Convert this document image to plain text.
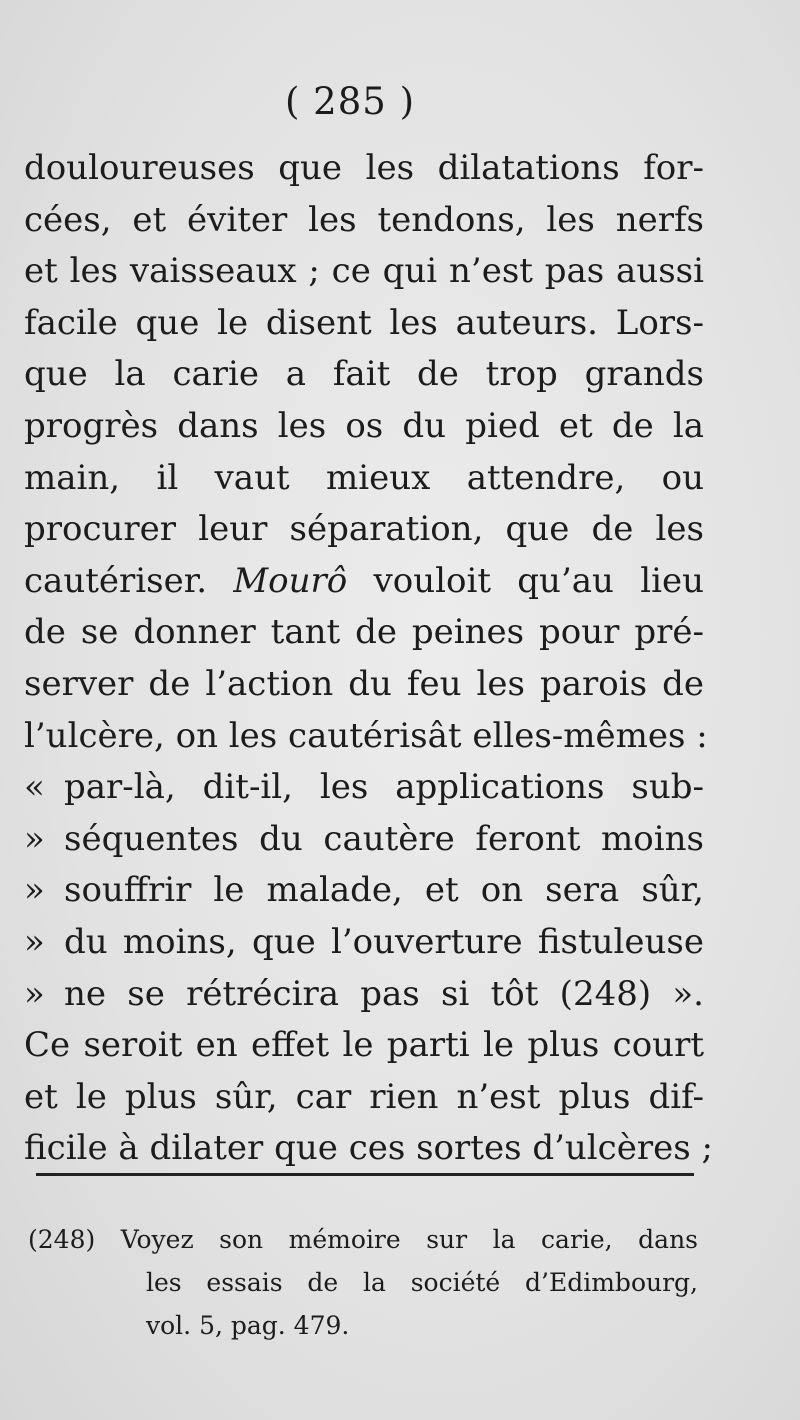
( 285 )
douloureuses que les dilatations for-
cées, et éviter les tendons, les nerfs
et les vaisseaux ; ce qui n’est pas aussi
facile que le disent les auteurs. Lors-
que la carie a fait de trop grands
progrès dans les os du pied et de la
main, il vaut mieux attendre, ou
procurer leur séparation, que de les
cautériser. Mourô vouloit qu’au lieu
de se donner tant de peines pour pré-
server de l’action du feu les parois de
l’ulcère, on les cautérisât elles-mêmes :
« par-là, dit-il, les applications sub-
» séquentes du cautère feront moins
» souffrir le malade, et on sera sûr,
» du moins, que l’ouverture fistuleuse
» ne se rétrécira pas si tôt (248) ».
Ce seroit en effet le parti le plus court
et le plus sûr, car rien n’est plus dif-
ficile à dilater que ces sortes d’ulcères ;
(248) Voyez son mémoire sur la carie, dans
les essais de la société d’Edimbourg,
vol. 5, pag. 479.
